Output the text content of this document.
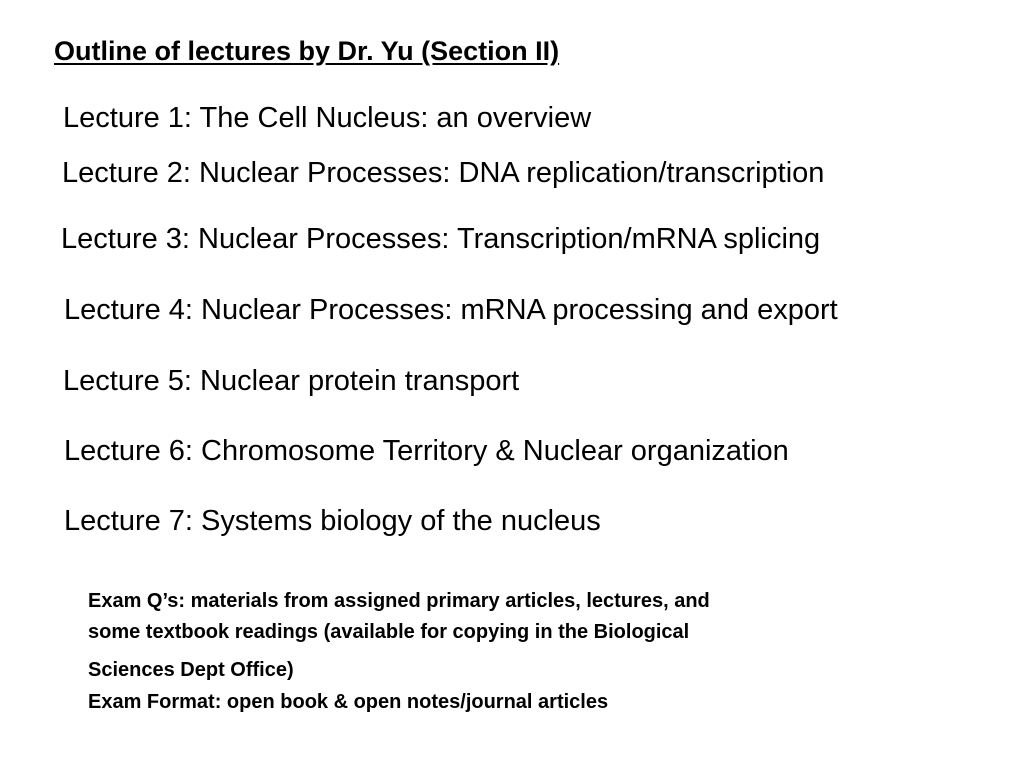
Outline of lectures by Dr. Yu (Section II)
Lecture 1: The Cell Nucleus: an overview
Lecture 2: Nuclear Processes: DNA replication/transcription
Lecture 3: Nuclear Processes: Transcription/mRNA splicing
Lecture 4: Nuclear Processes: mRNA processing and export
Lecture 5: Nuclear protein transport
Lecture 6: Chromosome Territory & Nuclear organization
Lecture 7: Systems biology of the nucleus
Exam Q’s: materials from assigned primary articles, lectures, and
some textbook readings (available for copying in the Biological
Sciences Dept Office)
Exam Format: open book & open notes/journal articles
